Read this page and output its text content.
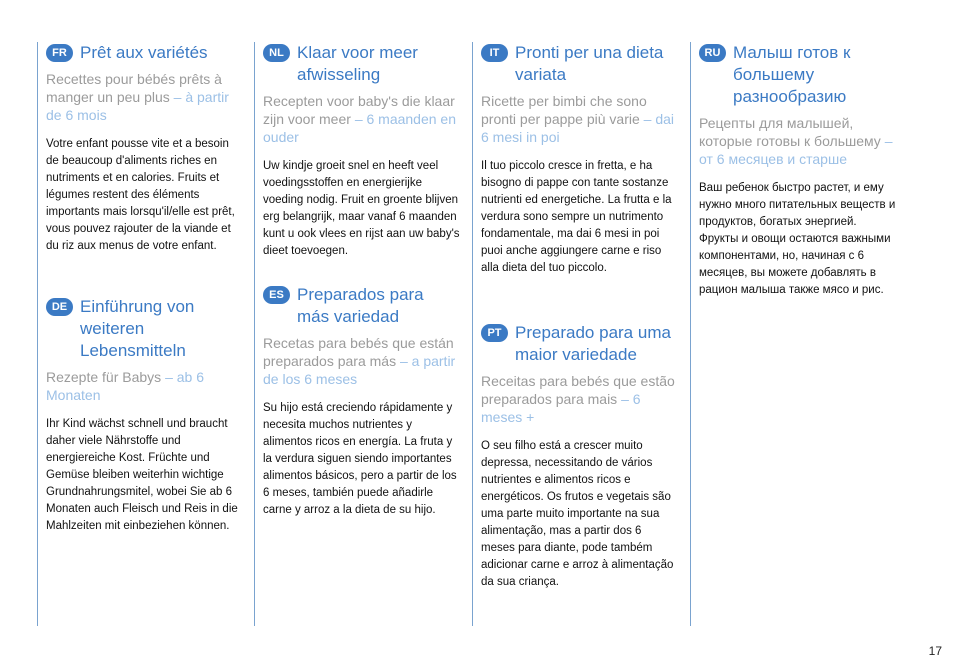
FR Prêt aux variétés
Recettes pour bébés prêts à manger un peu plus – à partir de 6 mois
Votre enfant pousse vite et a besoin de beaucoup d'aliments riches en nutriments et en calories. Fruits et légumes restent des éléments importants mais lorsqu'il/elle est prêt, vous pouvez rajouter de la viande et du riz aux menus de votre enfant.
DE Einführung von weiteren Lebensmitteln
Rezepte für Babys – ab 6 Monaten
Ihr Kind wächst schnell und braucht daher viele Nährstoffe und energiereiche Kost. Früchte und Gemüse bleiben weiterhin wichtige Grundnahrungsmitel, wobei Sie ab 6 Monaten auch Fleisch und Reis in die Mahlzeiten mit einbeziehen können.
NL Klaar voor meer afwisseling
Recepten voor baby's die klaar zijn voor meer – 6 maanden en ouder
Uw kindje groeit snel en heeft veel voedingsstoffen en energierijke voeding nodig. Fruit en groente blijven erg belangrijk, maar vanaf 6 maanden kunt u ook vlees en rijst aan uw baby's dieet toevoegen.
ES Preparados para más variedad
Recetas para bebés que están preparados para más – a partir de los 6 meses
Su hijo está creciendo rápidamente y necesita muchos nutrientes y alimentos ricos en energía. La fruta y la verdura siguen siendo importantes alimentos básicos, pero a partir de los 6 meses, también puede añadirle carne y arroz a la dieta de su hijo.
IT Pronti per una dieta variata
Ricette per bimbi che sono pronti per pappe più varie – dai 6 mesi in poi
Il tuo piccolo cresce in fretta, e ha bisogno di pappe con tante sostanze nutrienti ed energetiche. La frutta e la verdura sono sempre un nutrimento fondamentale, ma dai 6 mesi in poi puoi anche aggiungere carne e riso alla dieta del tuo piccolo.
PT Preparado para uma maior variedade
Receitas para bebés que estão preparados para mais – 6 meses +
O seu filho está a crescer muito depressa, necessitando de vários nutrientes e alimentos ricos e energéticos. Os frutos e vegetais são uma parte muito importante na sua alimentação, mas a partir dos 6 meses para diante, pode também adicionar carne e arroz à alimentação da sua criança.
RU Малыш готов к большему разнообразию
Рецепты для малышей, которые готовы к большему – от 6 месяцев и старше
Ваш ребенок быстро растет, и ему нужно много питательных веществ и продуктов, богатых энергией. Фрукты и овощи остаются важными компонентами, но, начиная с 6 месяцев, вы можете добавлять в рацион малыша также мясо и рис.
17
